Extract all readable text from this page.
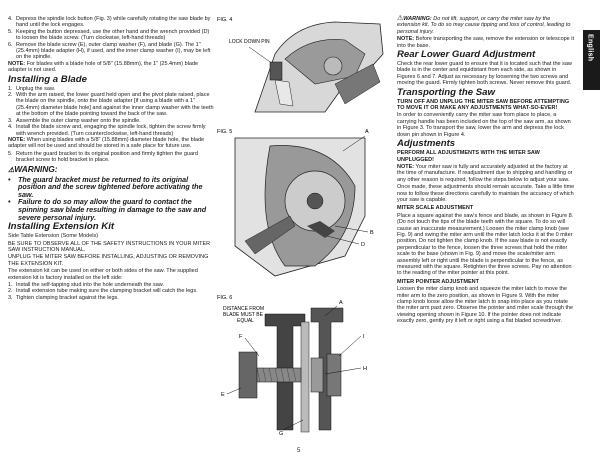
English
4. Depress the spindle lock button (Fig. 3) while carefully rotating the saw blade by hand until the lock engages.
5. Keeping the button depressed, use the other hand and the wrench provided (D) to loosen the blade screw. (Turn clockwise, left-hand threads)
6. Remove the blade screw (E), outer clamp washer (F), and blade (G). The 1" (25.4mm) blade adapter (H), if used, and the inner clamp washer (I), may be left on the spindle.

NOTE: For blades with a blade hole of 5/8" (15.88mm), the 1" (25.4mm) blade adapter is not used.

Installing a Blade
1. Unplug the saw.
2. With the arm raised, the lower guard held open and the pivot plate raised, place the blade on the spindle, onto the blade adapter [if using a blade with a 1" (25.4mm) diameter blade hole] and against the inner clamp washer with the teeth at the bottom of the blade pointing toward the back of the saw.
3. Assemble the outer clamp washer onto the spindle.
4. Install the blade screw and, engaging the spindle lock, tighten the screw firmly with wrench provided. (Turn counterclockwise, left-hand threads)

NOTE: When using blades with a 5/8" (15.88mm) diameter blade hole, the blade adapter will not be used and should be stored in a safe place for future use.

5. Return the guard bracket to its original position and firmly tighten the guard bracket screw to hold bracket in place.
⚠WARNING:
•	The guard bracket must be returned to its original position and the screw tightened before activating the saw.
•	Failure to do so may allow the guard to contact the spinning saw blade resulting in damage to the saw and severe personal injury.
Installing Extension Kit

Side Table Extension (Some Models)

BE SURE TO OBSERVE ALL OF THE SAFETY INSTRUCTIONS IN YOUR MITER SAW INSTRUCTION MANUAL.

UNPLUG THE MITER SAW BEFORE INSTALLING, ADJUSTING OR REMOVING THE EXTENSION KIT.

The extension kit can be used on either or both sides of the saw. The supplied extension kit is factory installed on the left side:

1. Install the self-tapping stud into the hole underneath the saw.
2. Install extension tube making sure the clamping bracket will catch the legs.
3. Tighten clamping bracket against the legs.
FIG. 4
LOCK DOWN PIN
FIG. 5	A
B
D
FIG. 6
DISTANCE FROM
BLADE MUST BE
EQUAL
A
F	I
H
E
G

⚠WARNING: Do not lift, support, or carry the miter saw by the extension kit. To do so may cause tipping and loss of control, leading to personal injury.

NOTE: Before transporting the saw, remove the extension or telescope it into the base.

Rear Lower Guard Adjustment

Check the rear lower guard to ensure that it is located such that the saw blade is in the center and equidistant from each side, as shown in Figures 6 and 7. Adjust as necessary by loosening the two screws and moving the guard. Firmly tighten both screws. Never remove this guard.

Transporting the Saw

TURN OFF AND UNPLUG THE MITER SAW BEFORE ATTEMPTING TO MOVE IT OR MAKE ANY ADJUSTMENTS WHAT-SO-EVER!

In order to conveniently carry the miter saw from place to place, a carrying handle has been included on the top of the saw arm, as shown in Figure 3. To transport the saw, lower the arm and depress the lock down pin shown in Figure 4.

Adjustments

PERFORM ALL ADJUSTMENTS WITH THE MITER SAW UNPLUGGED!

NOTE: Your miter saw is fully and accurately adjusted at the factory at the time of manufacture. If readjustment due to shipping and handling or any other reason is required, follow the steps below to adjust your saw.

Once made, these adjustments should remain accurate. Take a little time now to follow these directions carefully to maintain the accuracy of which your saw is capable.

MITER SCALE ADJUSTMENT

Place a square against the saw's fence and blade, as shown in Figure 8. (Do not touch the tips of the blade teeth with the square. To do so will cause an inaccurate measurement.) Loosen the miter clamp knob (see Fig. 9) and swing the miter arm until the miter latch locks it at the 0 miter position. Do not tighten the clamp knob. If the saw blade is not exactly perpendicular to the fence, loosen the three screws that hold the miter scale to the base (shown in Fig. 9) and move the scale/miter arm assembly left or right until the blade is perpendicular to the fence, as measured with the square. Retighten the three screws. Pay no attention to the reading of the miter pointer at this point.

MITER POINTER ADJUSTMENT

Loosen the miter clamp knob and squeeze the miter latch to move the miter arm to the zero position, as shown in Figure 9. With the miter clamp knob loose allow the miter latch to snap into place as you rotate the miter arm past zero. Observe the pointer and miter scale through the viewing opening shown in Figure 10. If the pointer does not indicate exactly zero, gently pry it left or right using a flat bladed screwdriver.

5
